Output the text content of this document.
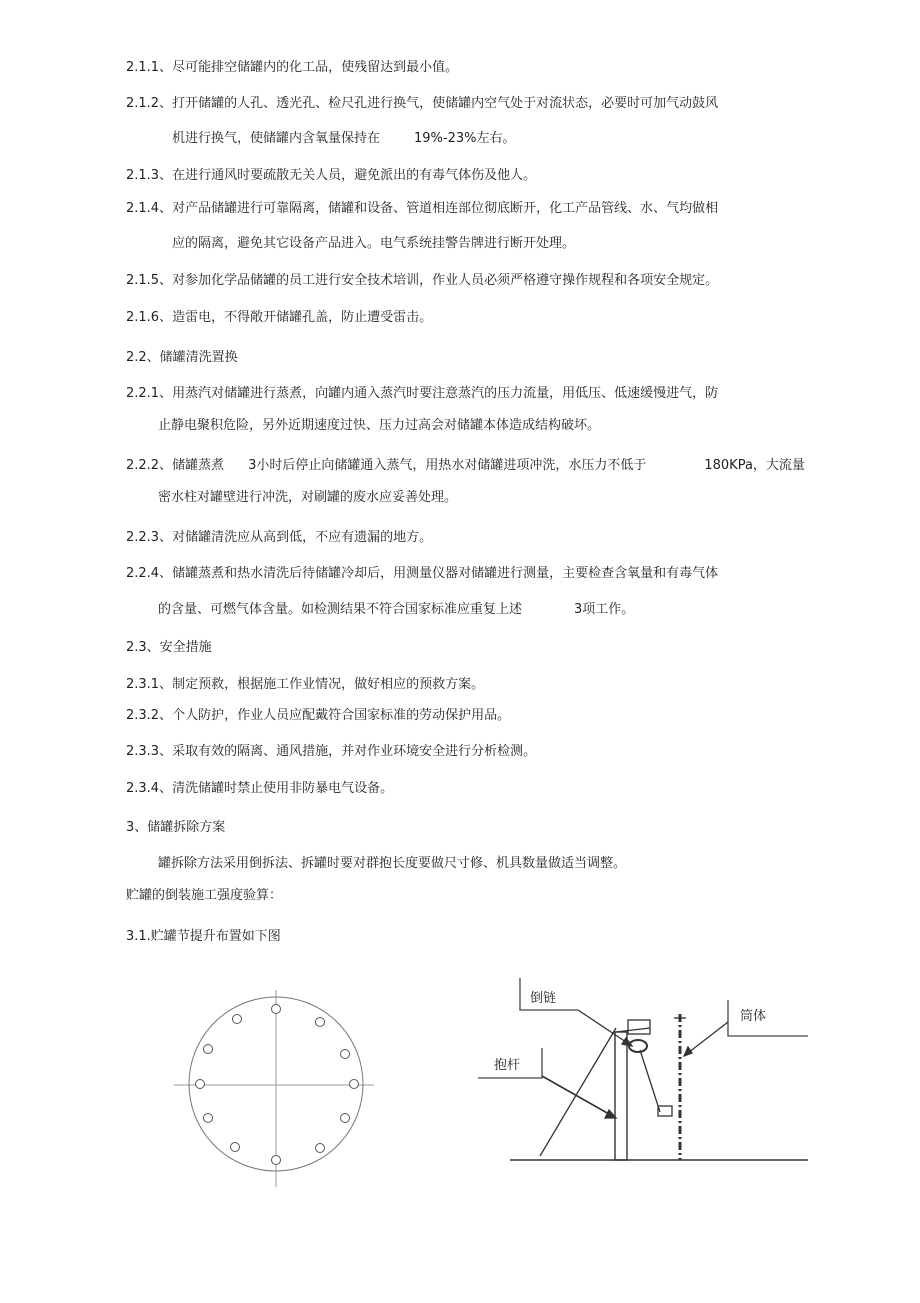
2.1.1、尽可能排空储罐内的化工品，使残留达到最小值。
2.1.2、打开储罐的人孔、透光孔、检尺孔进行换气，使储罐内空气处于对流状态，必要时可加气动鼓风
机进行换气，使储罐内含氧量保持在	19%-23%左右。
2.1.3、在进行通风时要疏散无关人员，避免派出的有毒气体伤及他人。
2.1.4、对产品储罐进行可靠隔离，储罐和设备、管道相连部位彻底断开，化工产品管线、水、气均做相
应的隔离，避免其它设备产品进入。电气系统挂警告牌进行断开处理。
2.1.5、对参加化学品储罐的员工进行安全技术培训，作业人员必须严格遵守操作规程和各项安全规定。
2.1.6、造雷电，不得敞开储罐孔盖，防止遭受雷击。
2.2、储罐清洗置换
2.2.1、用蒸汽对储罐进行蒸煮，向罐内通入蒸汽时要注意蒸汽的压力流量，用低压、低速缓慢进气，防
止静电聚积危险，另外近期速度过快、压力过高会对储罐本体造成结构破坏。
2.2.2、储罐蒸煮 3小时后停止向储罐通入蒸气，用热水对储罐进项冲洗，水压力不低于	180KPa，大流量
密水柱对罐壁进行冲洗，对刷罐的废水应妥善处理。
2.2.3、对储罐清洗应从高到低，不应有遗漏的地方。
2.2.4、储罐蒸煮和热水清洗后待储罐冷却后，用测量仪器对储罐进行测量，主要检查含氧量和有毒气体
的含量、可燃气体含量。如检测结果不符合国家标准应重复上述	3项工作。
2.3、安全措施
2.3.1、制定预救，根据施工作业情况，做好相应的预救方案。
2.3.2、个人防护，作业人员应配戴符合国家标准的劳动保护用品。
2.3.3、采取有效的隔离、通风措施，并对作业环境安全进行分析检测。
2.3.4、清洗储罐时禁止使用非防暴电气设备。
3、储罐拆除方案
罐拆除方法采用倒拆法、拆罐时要对群抱长度要做尺寸修、机具数量做适当调整。
贮罐的倒装施工强度验算：
3.1.贮罐节提升布置如下图
倒链
筒体
抱杆
